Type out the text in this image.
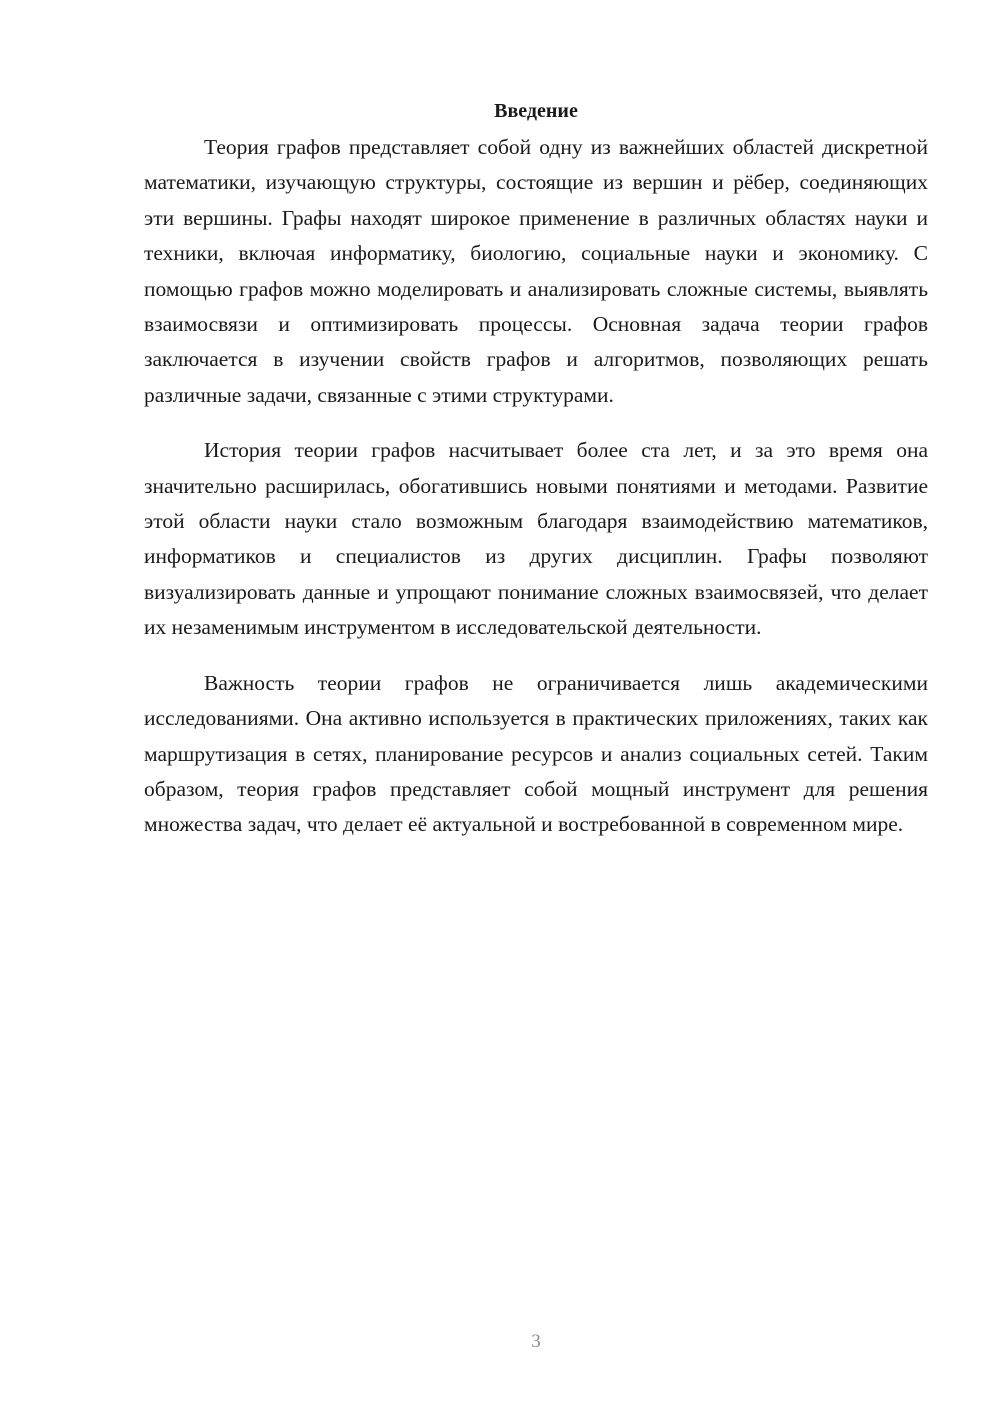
Введение

Теория графов представляет собой одну из важнейших областей дискретной математики, изучающую структуры, состоящие из вершин и рёбер, соединяющих эти вершины. Графы находят широкое применение в различных областях науки и техники, включая информатику, биологию, социальные науки и экономику. С помощью графов можно моделировать и анализировать сложные системы, выявлять взаимосвязи и оптимизировать процессы. Основная задача теории графов заключается в изучении свойств графов и алгоритмов, позволяющих решать различные задачи, связанные с этими структурами.

История теории графов насчитывает более ста лет, и за это время она значительно расширилась, обогатившись новыми понятиями и методами. Развитие этой области науки стало возможным благодаря взаимодействию математиков, информатиков и специалистов из других дисциплин. Графы позволяют визуализировать данные и упрощают понимание сложных взаимосвязей, что делает их незаменимым инструментом в исследовательской деятельности.

Важность теории графов не ограничивается лишь академическими исследованиями. Она активно используется в практических приложениях, таких как маршрутизация в сетях, планирование ресурсов и анализ социальных сетей. Таким образом, теория графов представляет собой мощный инструмент для решения множества задач, что делает её актуальной и востребованной в современном мире.

3
